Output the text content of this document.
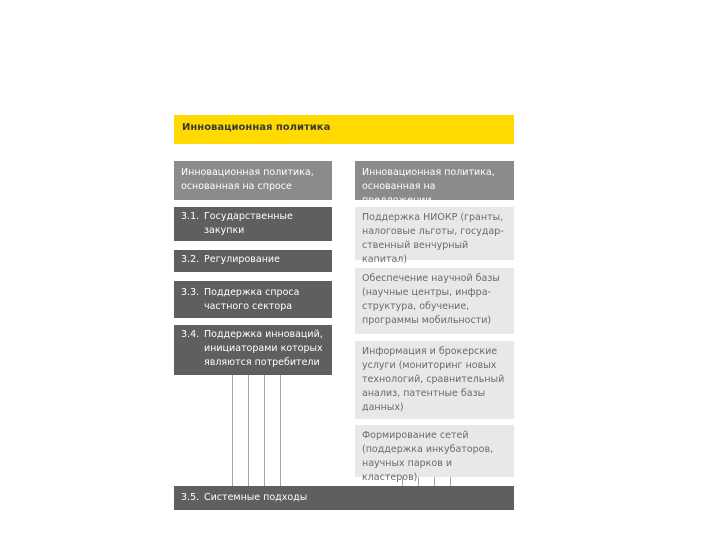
Инновационная политика
Инновационная политика, основанная на спросе
3.1. Государственные закупки
3.2. Регулирование
3.3. Поддержка спроса частного сектора
3.4. Поддержка инноваций, инициаторами которых являются потребители
Инновационная политика, основанная на предложении
Поддержка НИОКР (гранты, налоговые льготы, государ-ственный венчурный капитал)
Обеспечение научной базы (научные центры, инфра-структура, обучение, программы мобильности)
Информация и брокерские услуги (мониторинг новых технологий, сравнительный анализ, патентные базы данных)
Формирование сетей (поддержка инкубаторов, научных парков и кластеров)
3.5. Системные подходы
